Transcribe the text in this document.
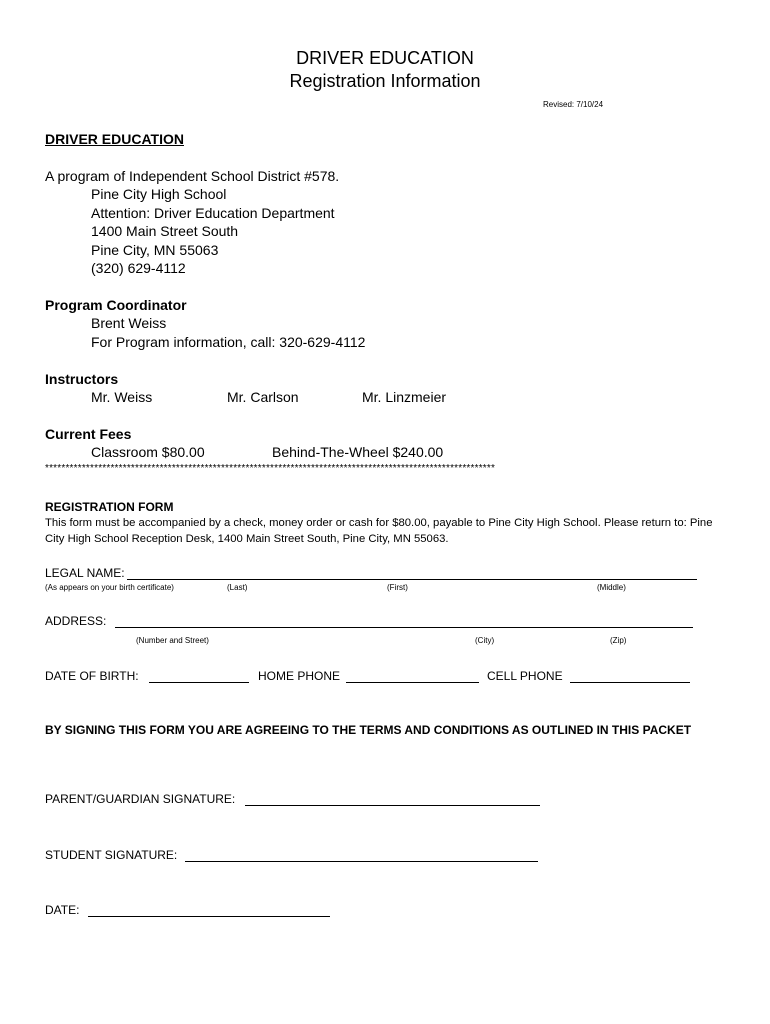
DRIVER EDUCATION
Registration Information
Revised: 7/10/24
DRIVER EDUCATION
A program of Independent School District #578.
Pine City High School
Attention: Driver Education Department
1400 Main Street South
Pine City, MN 55063
(320) 629-4112
Program Coordinator
Brent Weiss
For Program information, call: 320-629-4112
Instructors
Mr. Weiss	Mr. Carlson	Mr. Linzmeier
Current Fees
Classroom $80.00	Behind-The-Wheel $240.00
**************************************************************************************************************
REGISTRATION FORM
This form must be accompanied by a check, money order or cash for $80.00, payable to Pine City High School. Please return to: Pine City High School Reception Desk, 1400 Main Street South, Pine City, MN 55063.
LEGAL NAME:
(As appears on your birth certificate)	(Last)	(First)	(Middle)
ADDRESS:
(Number and Street)	(City)	(Zip)
DATE OF BIRTH:	HOME PHONE	CELL PHONE
BY SIGNING THIS FORM YOU ARE AGREEING TO THE TERMS AND CONDITIONS AS OUTLINED IN THIS PACKET
PARENT/GUARDIAN SIGNATURE:
STUDENT SIGNATURE:
DATE:
